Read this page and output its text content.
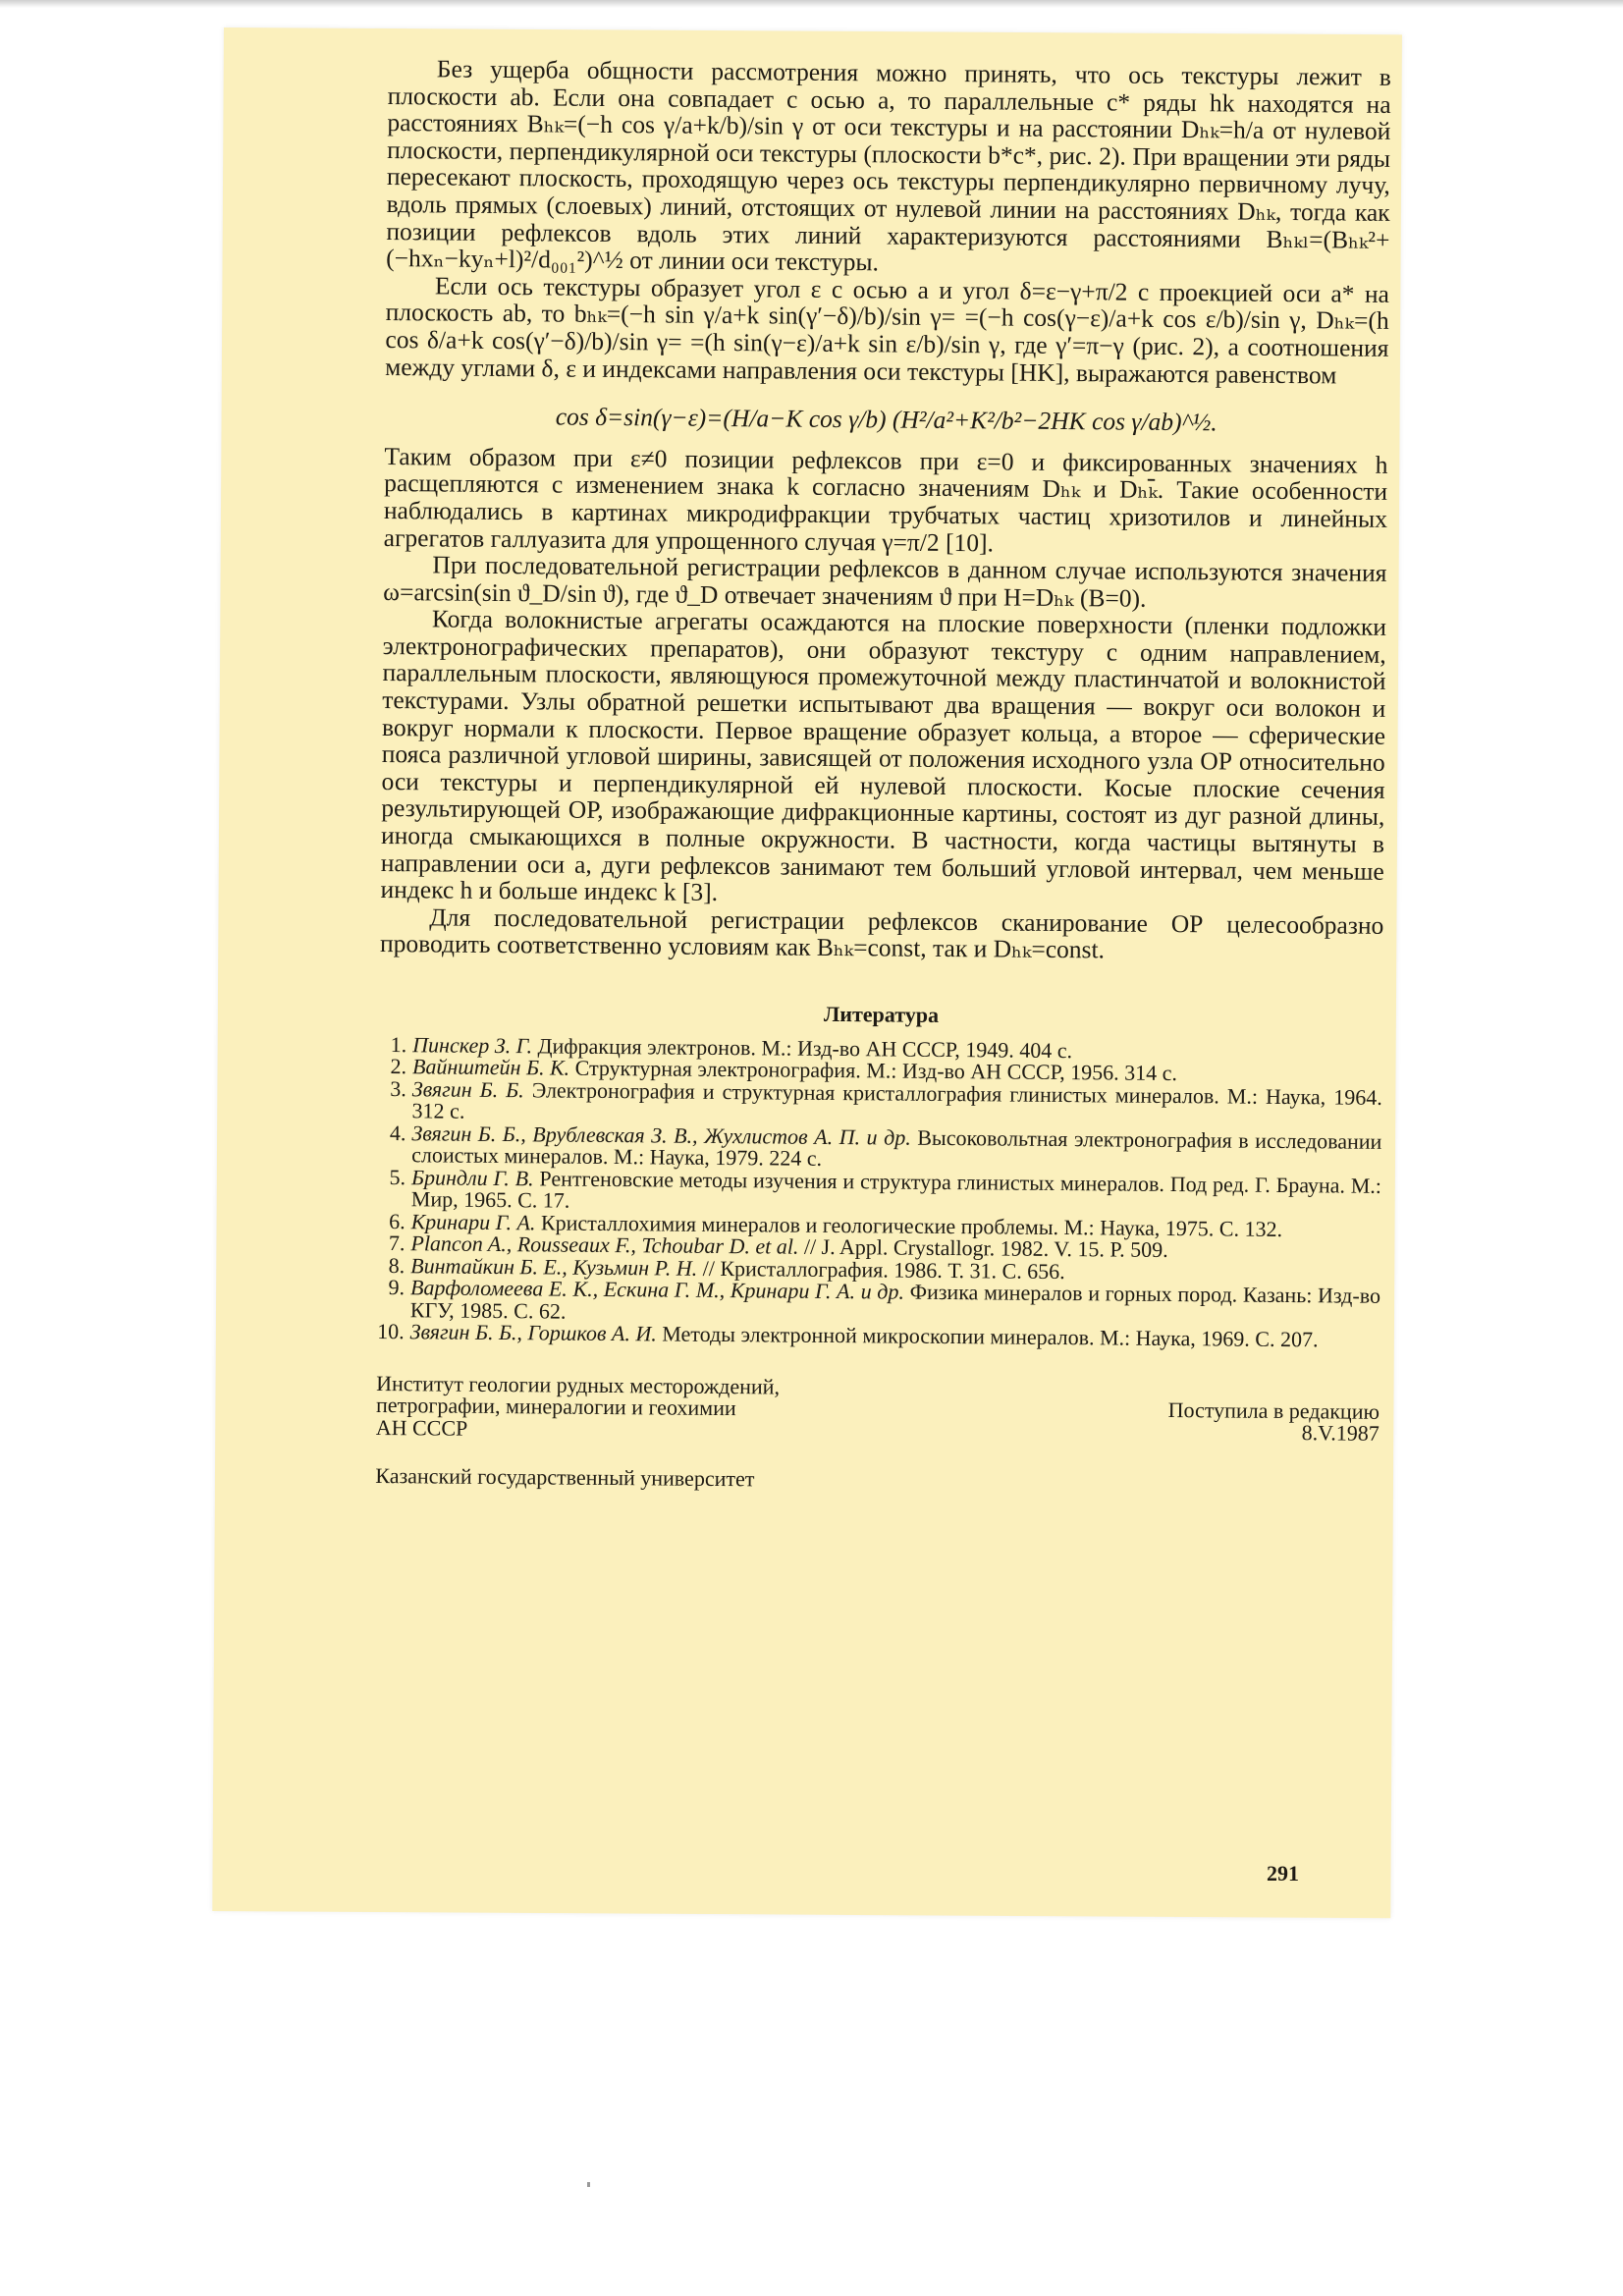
Без ущерба общности рассмотрения можно принять, что ось текстуры лежит в плоскости ab. Если она совпадает с осью a, то параллельные c* ряды hk находятся на расстояниях Bₕₖ=(−h cos γ/a+k/b)/sin γ от оси текстуры и на расстоянии Dₕₖ=h/a от нулевой плоскости, перпендикулярной оси текстуры (плоскости b*c*, рис. 2). При вращении эти ряды пересекают плоскость, проходящую через ось текстуры перпендикулярно первичному лучу, вдоль прямых (слоевых) линий, отстоящих от нулевой линии на расстояниях Dₕₖ, тогда как позиции рефлексов вдоль этих линий характеризуются расстояниями Bₕₖₗ=(Bₕₖ²+(−hxₙ−kyₙ+l)²/d₀₀₁²)^½ от линии оси текстуры.

Если ось текстуры образует угол ε с осью a и угол δ=ε−γ+π/2 с проекцией оси a* на плоскость ab, то bₕₖ=(−h sin γ/a+k sin(γ′−δ)/b)/sin γ= =(−h cos(γ−ε)/a+k cos ε/b)/sin γ, Dₕₖ=(h cos δ/a+k cos(γ′−δ)/b)/sin γ= =(h sin(γ−ε)/a+k sin ε/b)/sin γ, где γ′=π−γ (рис. 2), а соотношения между углами δ, ε и индексами направления оси текстуры [HK], выражаются равенством

cos δ=sin(γ−ε)=(H/a−K cos γ/b) (H²/a²+K²/b²−2HK cos γ/ab)^½.

Таким образом при ε≠0 позиции рефлексов при ε=0 и фиксированных значениях h расщепляются с изменением знака k согласно значениям Dₕₖ и Dₕₖ̄. Такие особенности наблюдались в картинах микродифракции трубчатых частиц хризотилов и линейных агрегатов галлуазита для упрощенного случая γ=π/2 [10].

При последовательной регистрации рефлексов в данном случае используются значения ω=arcsin(sin ϑ_D/sin ϑ), где ϑ_D отвечает значениям ϑ при H=Dₕₖ (B=0).

Когда волокнистые агрегаты осаждаются на плоские поверхности (пленки подложки электронографических препаратов), они образуют текстуру с одним направлением, параллельным плоскости, являющуюся промежуточной между пластинчатой и волокнистой текстурами. Узлы обратной решетки испытывают два вращения — вокруг оси волокон и вокруг нормали к плоскости. Первое вращение образует кольца, а второе — сферические пояса различной угловой ширины, зависящей от положения исходного узла ОР относительно оси текстуры и перпендикулярной ей нулевой плоскости. Косые плоские сечения результирующей ОР, изображающие дифракционные картины, состоят из дуг разной длины, иногда смыкающихся в полные окружности. В частности, когда частицы вытянуты в направлении оси a, дуги рефлексов занимают тем больший угловой интервал, чем меньше индекс h и больше индекс k [3].

Для последовательной регистрации рефлексов сканирование ОР целесообразно проводить соответственно условиям как Bₕₖ=const, так и Dₕₖ=const.

Литература
1. Пинскер З. Г. Дифракция электронов. М.: Изд-во АН СССР, 1949. 404 с.
2. Вайнштейн Б. К. Структурная электронография. М.: Изд-во АН СССР, 1956. 314 с.
3. Звягин Б. Б. Электронография и структурная кристаллография глинистых минералов. М.: Наука, 1964. 312 с.
4. Звягин Б. Б., Врублевская З. В., Жухлистов А. П. и др. Высоковольтная электронография в исследовании слоистых минералов. М.: Наука, 1979. 224 с.
5. Бриндли Г. В. Рентгеновские методы изучения и структура глинистых минералов. Под ред. Г. Брауна. М.: Мир, 1965. С. 17.
6. Кринари Г. А. Кристаллохимия минералов и геологические проблемы. М.: Наука, 1975. С. 132.
7. Plancon A., Rousseaux F., Tchoubar D. et al. // J. Appl. Crystallogr. 1982. V. 15. P. 509.
8. Винтайкин Б. Е., Кузьмин Р. Н. // Кристаллография. 1986. Т. 31. С. 656.
9. Варфоломеева Е. К., Ескина Г. М., Кринари Г. А. и др. Физика минералов и горных пород. Казань: Изд-во КГУ, 1985. С. 62.
10. Звягин Б. Б., Горшков А. И. Методы электронной микроскопии минералов. М.: Наука, 1969. С. 207.
Институт геологии рудных месторождений,
петрографии, минералогии и геохимии
АН СССР
Поступила в редакцию
8.V.1987
Казанский государственный университет
291
